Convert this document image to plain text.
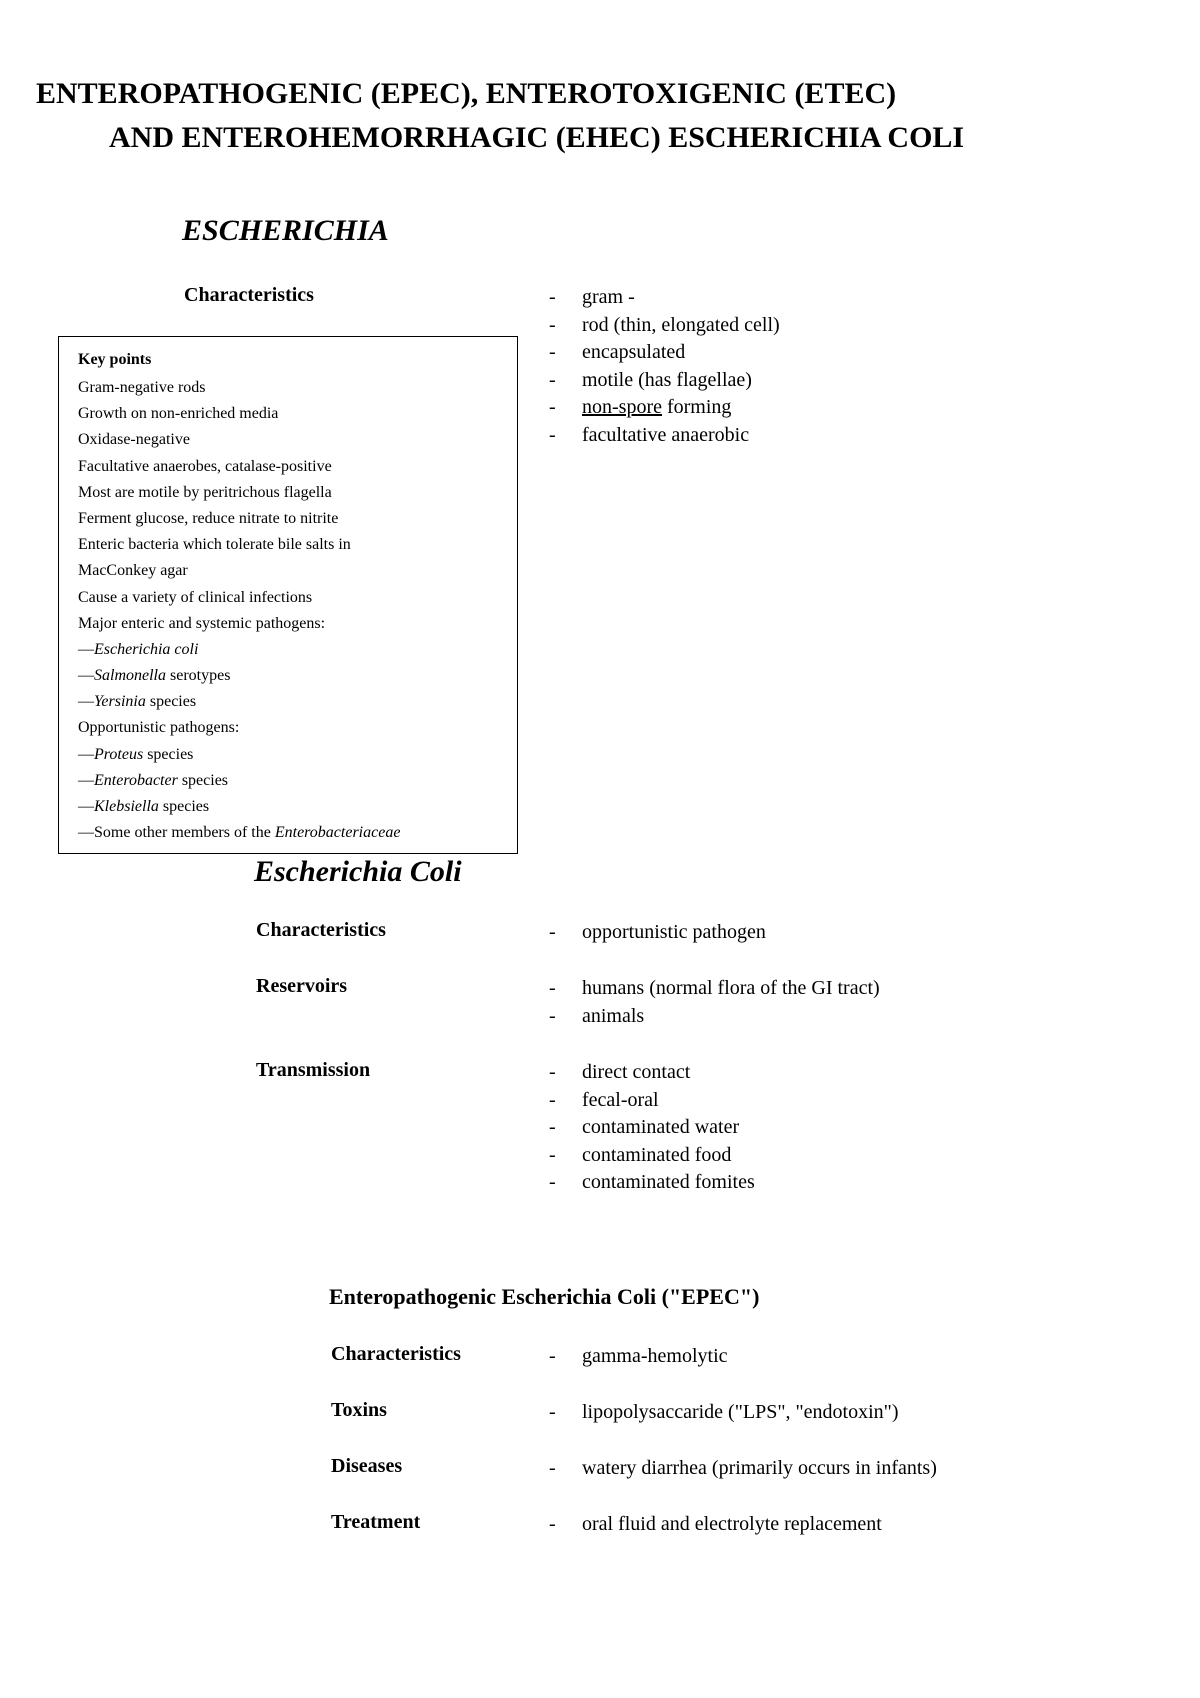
ENTEROPATHOGENIC (EPEC), ENTEROTOXIGENIC (ETEC)
AND ENTEROHEMORRHAGIC (EHEC) ESCHERICHIA COLI
ESCHERICHIA
Characteristics	- gram -
- rod (thin, elongated cell)
- encapsulated
- motile (has flagellae)
- non-spore forming
- facultative anaerobic
Key points
Gram-negative rods
Growth on non-enriched media
Oxidase-negative
Facultative anaerobes, catalase-positive
Most are motile by peritrichous flagella
Ferment glucose, reduce nitrate to nitrite
Enteric bacteria which tolerate bile salts in
MacConkey agar
Cause a variety of clinical infections
Major enteric and systemic pathogens:
—Escherichia coli
—Salmonella serotypes
—Yersinia species
Opportunistic pathogens:
—Proteus species
—Enterobacter species
—Klebsiella species
—Some other members of the Enterobacteriaceae
Escherichia Coli
Characteristics	- opportunistic pathogen
Reservoirs	- humans (normal flora of the GI tract)
- animals
Transmission	- direct contact
- fecal-oral
- contaminated water
- contaminated food
- contaminated fomites
Enteropathogenic Escherichia Coli ("EPEC")
Characteristics	- gamma-hemolytic
Toxins	- lipopolysaccaride ("LPS", "endotoxin")
Diseases	- watery diarrhea (primarily occurs in infants)
Treatment	- oral fluid and electrolyte replacement
